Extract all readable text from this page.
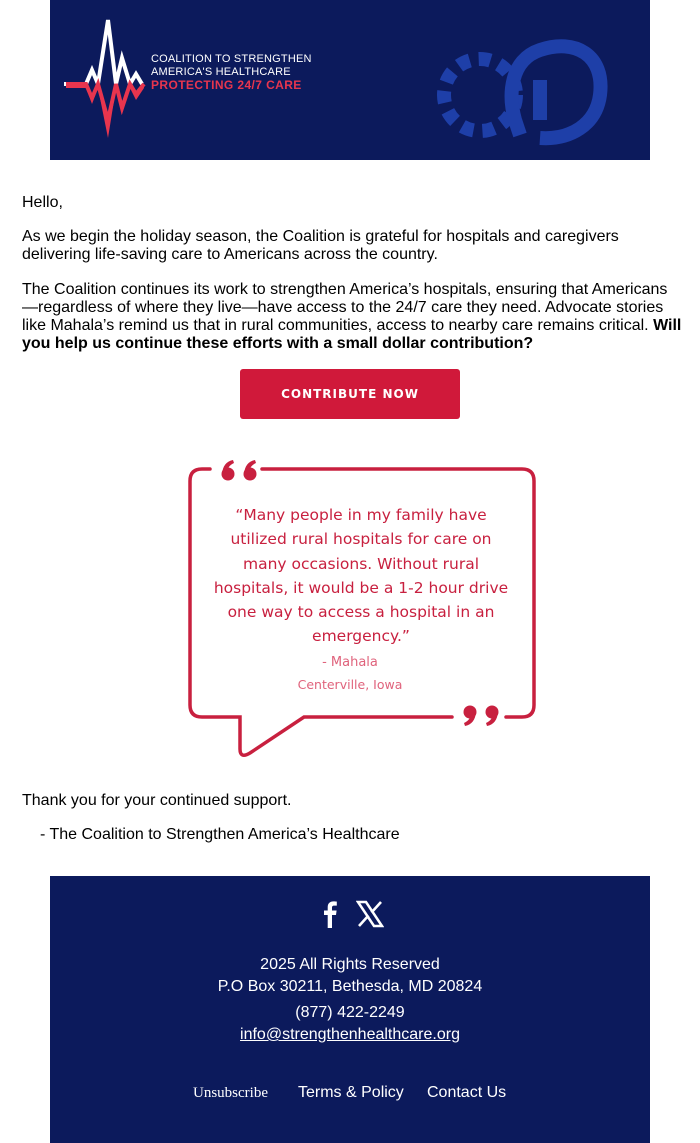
COALITION TO STRENGTHEN
AMERICA'S HEALTHCARE
PROTECTING 24/7 CARE
Hello,
As we begin the holiday season, the Coalition is grateful for hospitals and caregivers delivering life-saving care to Americans across the country.
The Coalition continues its work to strengthen America’s hospitals, ensuring that Americans —regardless of where they live—have access to the 24/7 care they need. Advocate stories like Mahala’s remind us that in rural communities, access to nearby care remains critical. Will you help us continue these efforts with a small dollar contribution?
CONTRIBUTE NOW
“Many people in my family have utilized rural hospitals for care on many occasions. Without rural hospitals, it would be a 1-2 hour drive one way to access a hospital in an emergency.”
- Mahala
Centerville, Iowa
Thank you for your continued support.
- The Coalition to Strengthen America’s Healthcare
2025 All Rights Reserved
P.O Box 30211, Bethesda, MD 20824
(877) 422-2249
info@strengthenhealthcare.org
Unsubscribe Terms & Policy Contact Us
